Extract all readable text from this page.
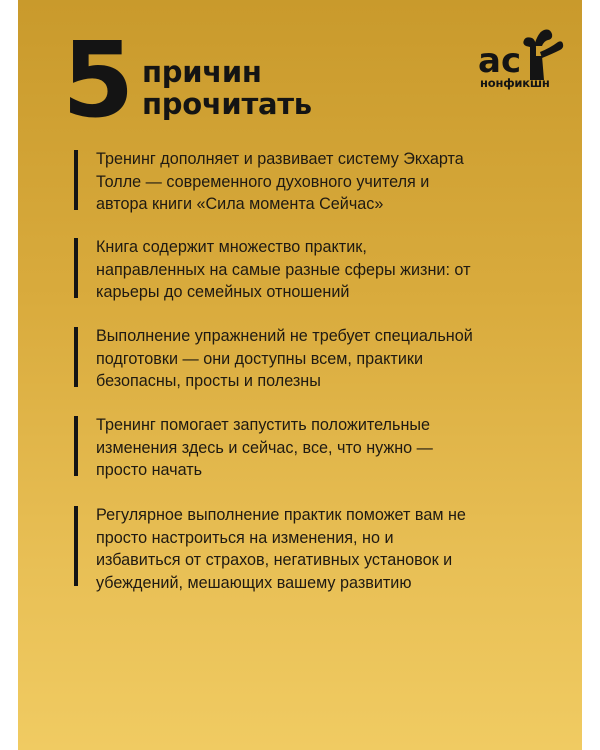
5 причин
прочитать
ас
нонфикшн
Тренинг дополняет и развивает систему Экхарта
Толле — современного духовного учителя и
автора книги «Сила момента Сейчас»
Книга содержит множество практик,
направленных на самые разные сферы жизни: от
карьеры до семейных отношений
Выполнение упражнений не требует специальной
подготовки — они доступны всем, практики
безопасны, просты и полезны
Тренинг помогает запустить положительные
изменения здесь и сейчас, все, что нужно —
просто начать
Регулярное выполнение практик поможет вам не
просто настроиться на изменения, но и
избавиться от страхов, негативных установок и
убеждений, мешающих вашему развитию
